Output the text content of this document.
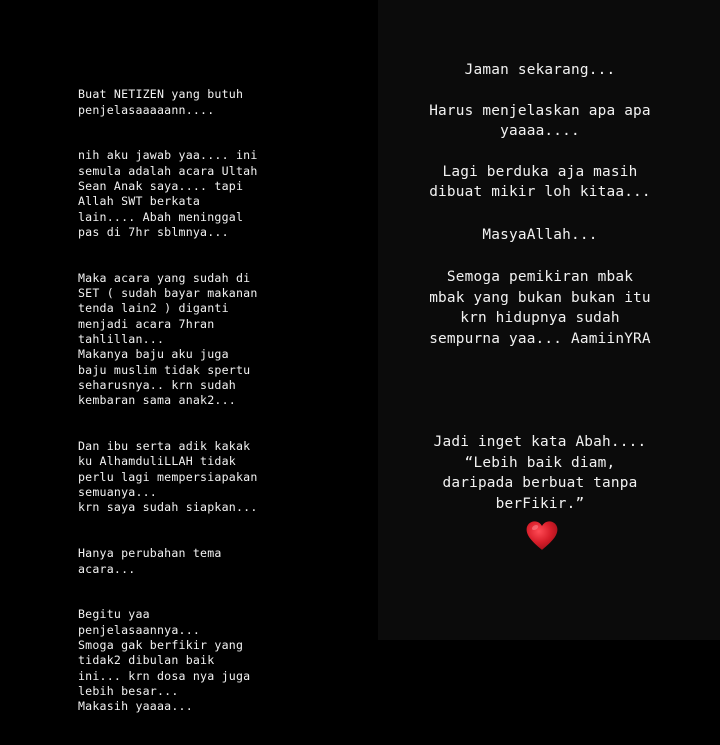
Buat NETIZEN yang butuh
penjelasaaaaann....

nih aku jawab yaa.... ini
semula adalah acara Ultah
Sean Anak saya.... tapi
Allah SWT berkata
lain.... Abah meninggal
pas di 7hr sblmnya...

Maka acara yang sudah di
SET ( sudah bayar makanan
tenda lain2 ) diganti
menjadi acara 7hran
tahlillan...
Makanya baju aku juga
baju muslim tidak spertu
seharusnya.. krn sudah
kembaran sama anak2...

Dan ibu serta adik kakak
ku AlhamduliLLAH tidak
perlu lagi mempersiapakan
semuanya...
krn saya sudah siapkan...

Hanya perubahan tema
acara...

Begitu yaa
penjelasaannya...
Smoga gak berfikir yang
tidak2 dibulan baik
ini... krn dosa nya juga
lebih besar...
Makasih yaaaa...

Jaman sekarang...

Harus menjelaskan apa apa
yaaaa....

Lagi berduka aja masih
dibuat mikir loh kitaa...

MasyaAllah...

Semoga pemikiran mbak
mbak yang bukan bukan itu
krn hidupnya sudah
sempurna yaa... AamiinYRA

Jadi inget kata Abah....
“Lebih baik diam,
daripada berbuat tanpa
berFikir.”
